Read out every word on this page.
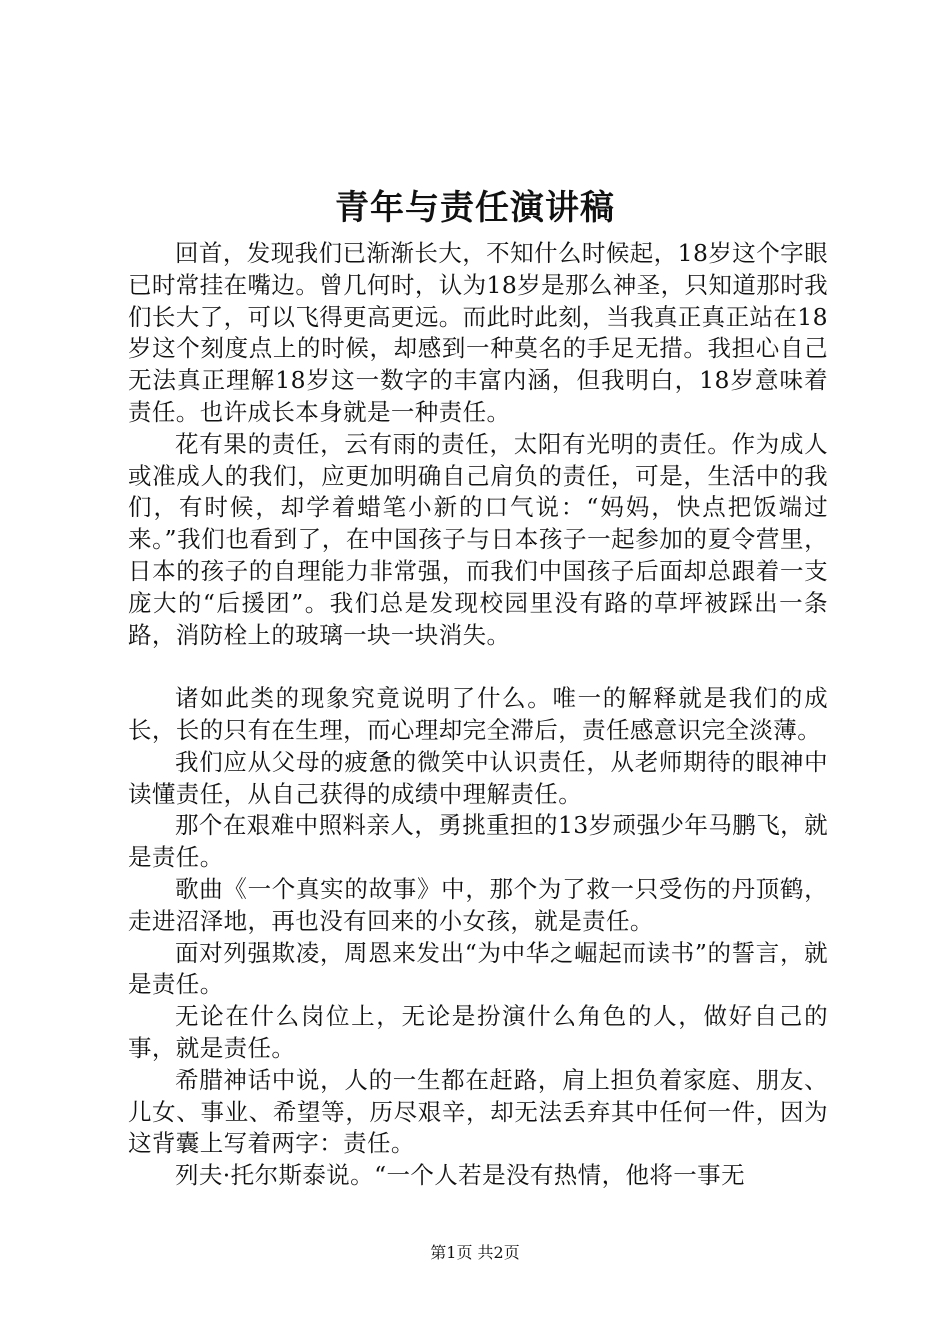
青年与责任演讲稿

回首，发现我们已渐渐长大，不知什么时候起，18岁这个字眼已时常挂在嘴边。曾几何时，认为18岁是那么神圣，只知道那时我们长大了，可以飞得更高更远。而此时此刻，当我真正真正站在18岁这个刻度点上的时候，却感到一种莫名的手足无措。我担心自己无法真正理解18岁这一数字的丰富内涵，但我明白，18岁意味着责任。也许成长本身就是一种责任。

花有果的责任，云有雨的责任，太阳有光明的责任。作为成人或准成人的我们，应更加明确自己肩负的责任，可是，生活中的我们，有时候，却学着蜡笔小新的口气说：“妈妈，快点把饭端过来。”我们也看到了，在中国孩子与日本孩子一起参加的夏令营里，日本的孩子的自理能力非常强，而我们中国孩子后面却总跟着一支庞大的“后援团”。我们总是发现校园里没有路的草坪被踩出一条路，消防栓上的玻璃一块一块消失。

诸如此类的现象究竟说明了什么。唯一的解释就是我们的成长，长的只有在生理，而心理却完全滞后，责任感意识完全淡薄。

我们应从父母的疲惫的微笑中认识责任，从老师期待的眼神中读懂责任，从自己获得的成绩中理解责任。

那个在艰难中照料亲人，勇挑重担的13岁顽强少年马鹏飞，就是责任。

歌曲《一个真实的故事》中，那个为了救一只受伤的丹顶鹤，走进沼泽地，再也没有回来的小女孩，就是责任。

面对列强欺凌，周恩来发出“为中华之崛起而读书”的誓言，就是责任。

无论在什么岗位上，无论是扮演什么角色的人，做好自己的事，就是责任。

希腊神话中说，人的一生都在赶路，肩上担负着家庭、朋友、儿女、事业、希望等，历尽艰辛，却无法丢弃其中任何一件，因为这背囊上写着两字：责任。

列夫·托尔斯泰说。“一个人若是没有热情，他将一事无

第1页 共2页
